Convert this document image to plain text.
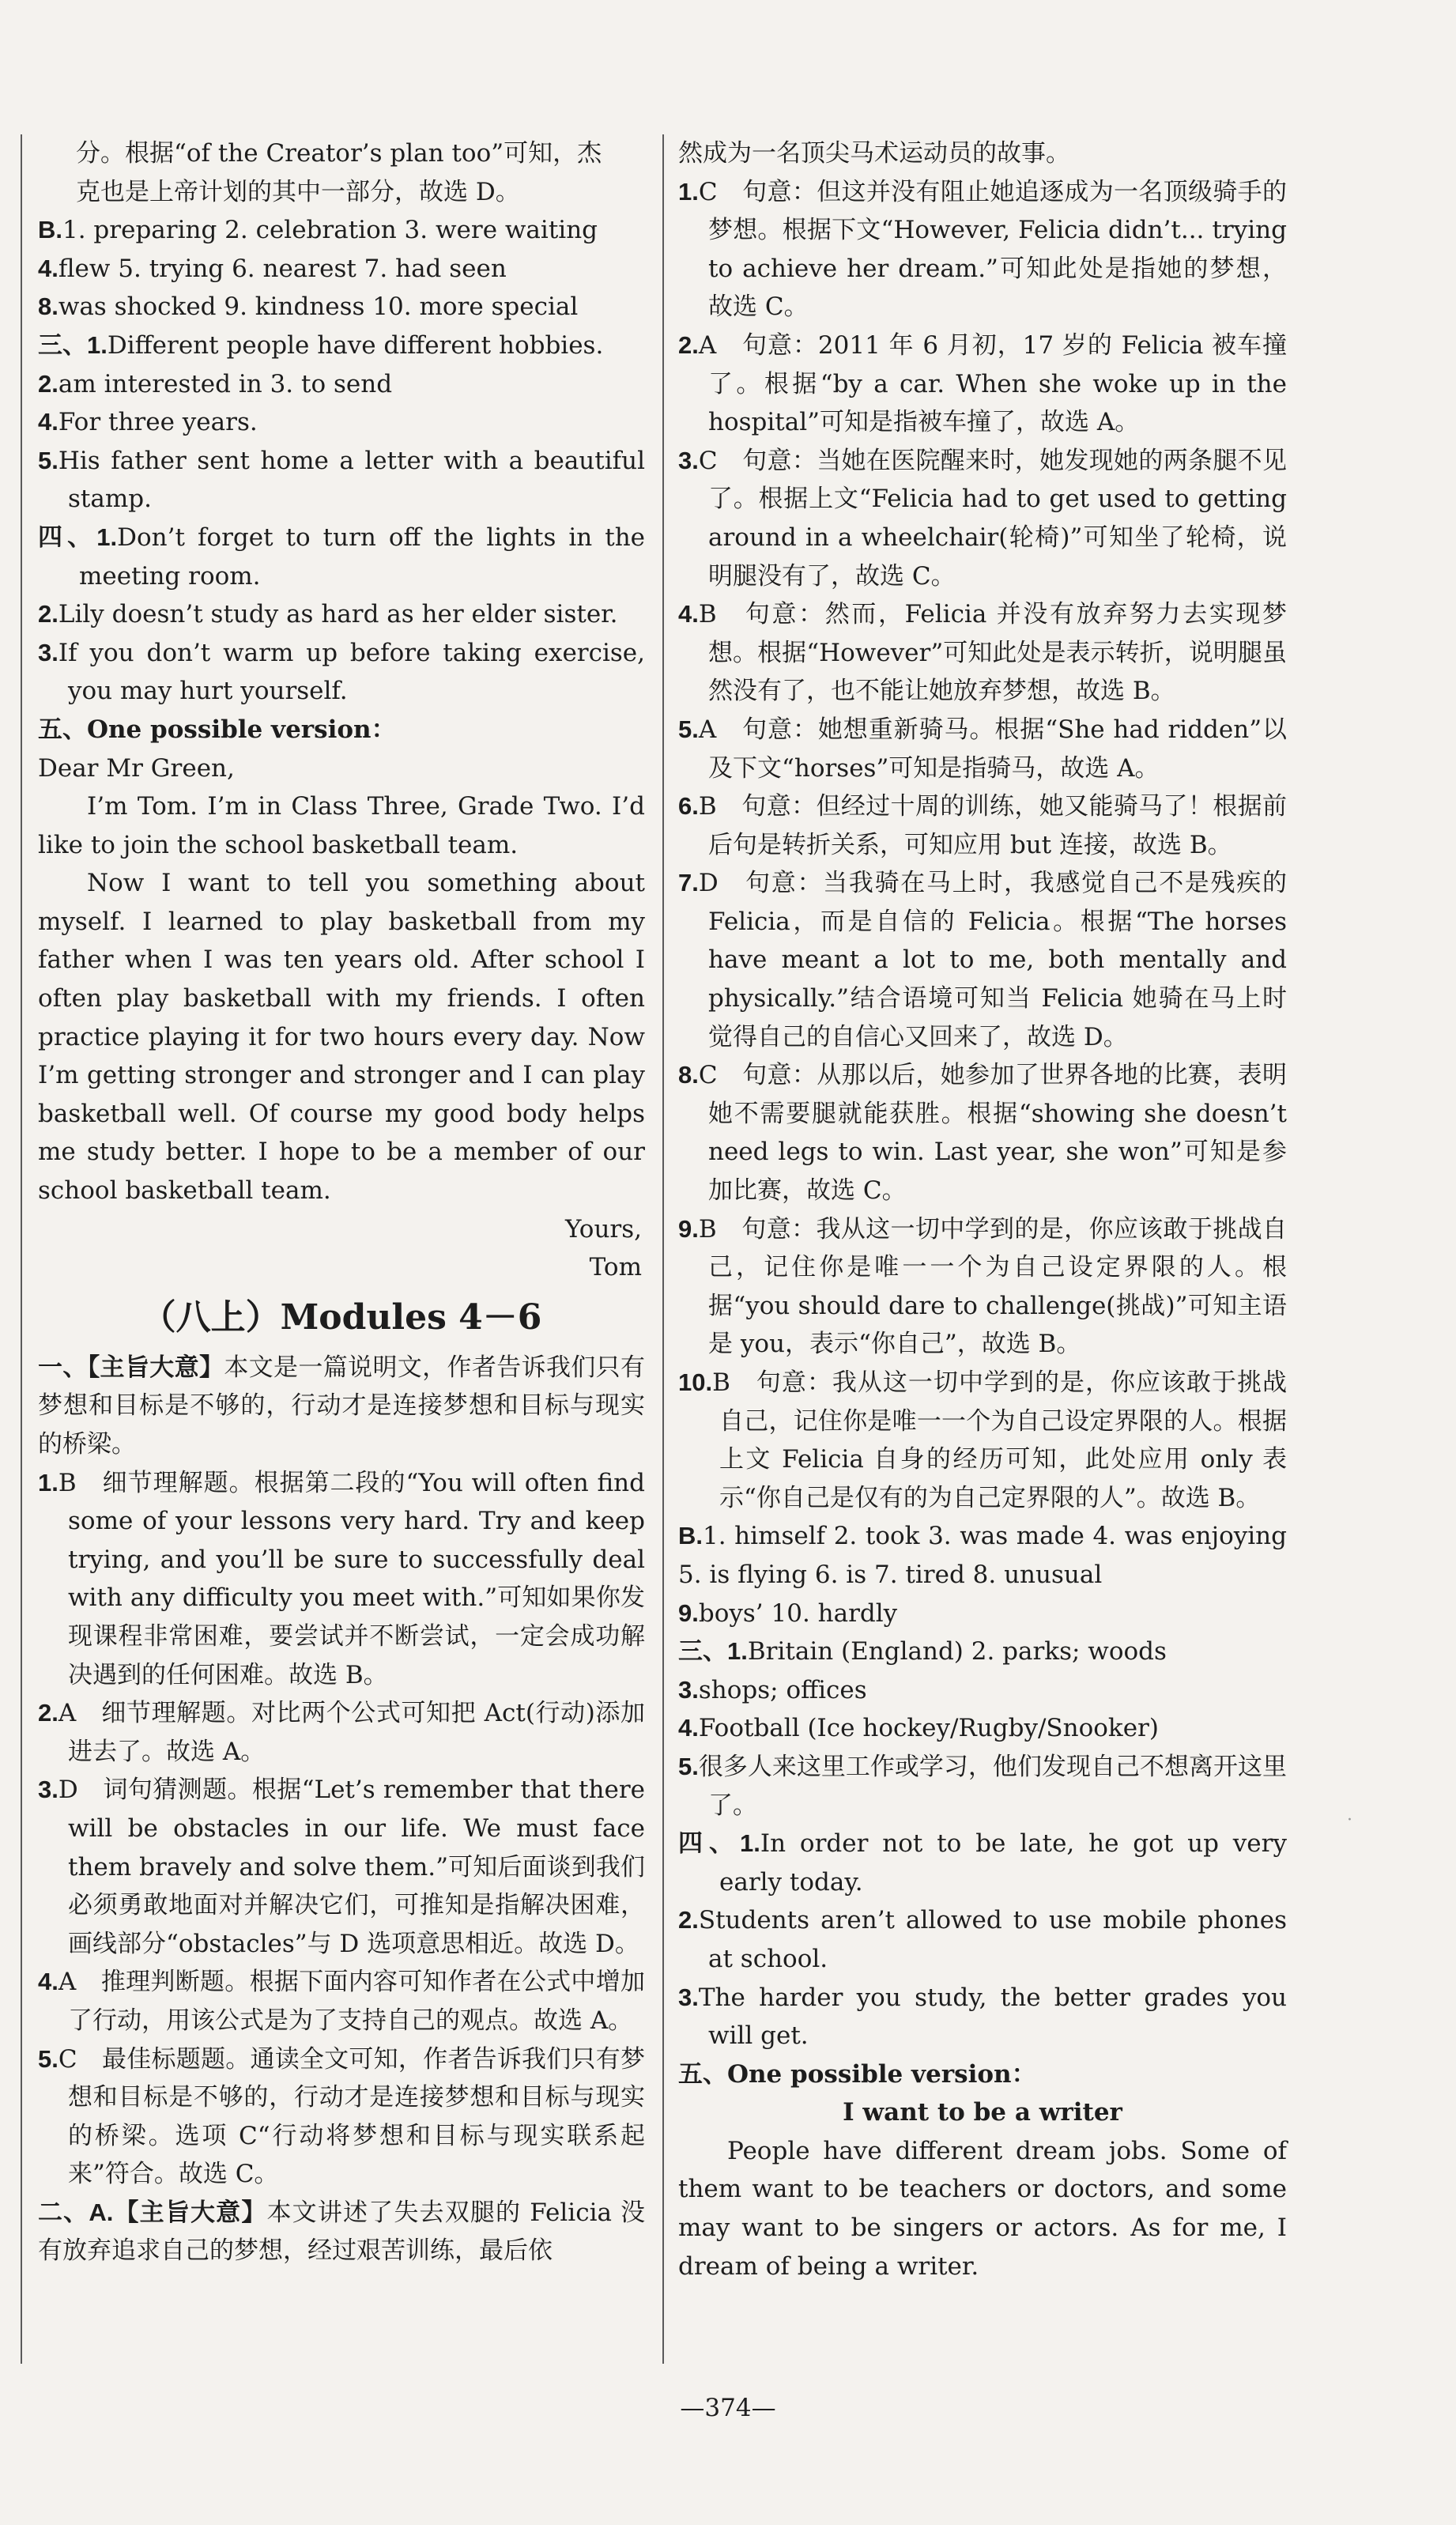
分。根据“of the Creator’s plan too”可知，杰

克也是上帝计划的其中一部分，故选 D。

B.1. preparing 2. celebration 3. were waiting

4.flew 5. trying 6. nearest 7. had seen

8.was shocked 9. kindness 10. more special

三、1.Different people have different hobbies.

2.am interested in 3. to send

4.For three years.

5.His father sent home a letter with a beautiful stamp.

四、1.Don’t forget to turn off the lights in the meeting room.

2.Lily doesn’t study as hard as her elder sister.

3.If you don’t warm up before taking exercise, you may hurt yourself.

五、One possible version：

Dear Mr Green,

I’m Tom. I’m in Class Three, Grade Two. I’d like to join the school basketball team.

Now I want to tell you something about myself. I learned to play basketball from my father when I was ten years old. After school I often play basketball with my friends. I often practice playing it for two hours every day. Now I’m getting stronger and stronger and I can play basketball well. Of course my good body helps me study better. I hope to be a member of our school basketball team.

Yours,

Tom

（八上）Modules 4－6

一、【主旨大意】本文是一篇说明文，作者告诉我们只有梦想和目标是不够的，行动才是连接梦想和目标与现实的桥梁。

1.B　细节理解题。根据第二段的“You will often find some of your lessons very hard. Try and keep trying, and you’ll be sure to successfully deal with any difficulty you meet with.”可知如果你发现课程非常困难，要尝试并不断尝试，一定会成功解决遇到的任何困难。故选 B。

2.A　细节理解题。对比两个公式可知把 Act(行动)添加进去了。故选 A。

3.D　词句猜测题。根据“Let’s remember that there will be obstacles in our life. We must face them bravely and solve them.”可知后面谈到我们必须勇敢地面对并解决它们，可推知是指解决困难，画线部分“obstacles”与 D 选项意思相近。故选 D。

4.A　推理判断题。根据下面内容可知作者在公式中增加了行动，用该公式是为了支持自己的观点。故选 A。

5.C　最佳标题题。通读全文可知，作者告诉我们只有梦想和目标是不够的，行动才是连接梦想和目标与现实的桥梁。选项 C“行动将梦想和目标与现实联系起来”符合。故选 C。

二、A.【主旨大意】本文讲述了失去双腿的 Felicia 没有放弃追求自己的梦想，经过艰苦训练，最后依

然成为一名顶尖马术运动员的故事。

1.C　句意：但这并没有阻止她追逐成为一名顶级骑手的梦想。根据下文“However, Felicia didn’t... trying to achieve her dream.”可知此处是指她的梦想，故选 C。

2.A　句意：2011 年 6 月初，17 岁的 Felicia 被车撞了。根据“by a car. When she woke up in the hospital”可知是指被车撞了，故选 A。

3.C　句意：当她在医院醒来时，她发现她的两条腿不见了。根据上文“Felicia had to get used to getting around in a wheelchair(轮椅)”可知坐了轮椅，说明腿没有了，故选 C。

4.B　句意：然而，Felicia 并没有放弃努力去实现梦想。根据“However”可知此处是表示转折，说明腿虽然没有了，也不能让她放弃梦想，故选 B。

5.A　句意：她想重新骑马。根据“She had ridden”以及下文“horses”可知是指骑马，故选 A。

6.B　句意：但经过十周的训练，她又能骑马了！根据前后句是转折关系，可知应用 but 连接，故选 B。

7.D　句意：当我骑在马上时，我感觉自己不是残疾的 Felicia，而是自信的 Felicia。根据“The horses have meant a lot to me, both mentally and physically.”结合语境可知当 Felicia 她骑在马上时觉得自己的自信心又回来了，故选 D。

8.C　句意：从那以后，她参加了世界各地的比赛，表明她不需要腿就能获胜。根据“showing she doesn’t need legs to win. Last year, she won”可知是参加比赛，故选 C。

9.B　句意：我从这一切中学到的是，你应该敢于挑战自己，记住你是唯一一个为自己设定界限的人。根据“you should dare to challenge(挑战)”可知主语是 you，表示“你自己”，故选 B。

10.B　句意：我从这一切中学到的是，你应该敢于挑战自己，记住你是唯一一个为自己设定界限的人。根据上文 Felicia 自身的经历可知，此处应用 only 表示“你自己是仅有的为自己定界限的人”。故选 B。

B.1. himself 2. took 3. was made 4. was enjoying 5. is flying 6. is 7. tired 8. unusual

9.boys’ 10. hardly

三、1.Britain (England) 2. parks; woods

3.shops; offices

4.Football (Ice hockey/Rugby/Snooker)

5.很多人来这里工作或学习，他们发现自己不想离开这里了。

四、1.In order not to be late, he got up very early today.

2.Students aren’t allowed to use mobile phones at school.

3.The harder you study, the better grades you will get.

五、One possible version：

I want to be a writer

People have different dream jobs. Some of them want to be teachers or doctors, and some may want to be singers or actors. As for me, I dream of being a writer.

·
—374—
